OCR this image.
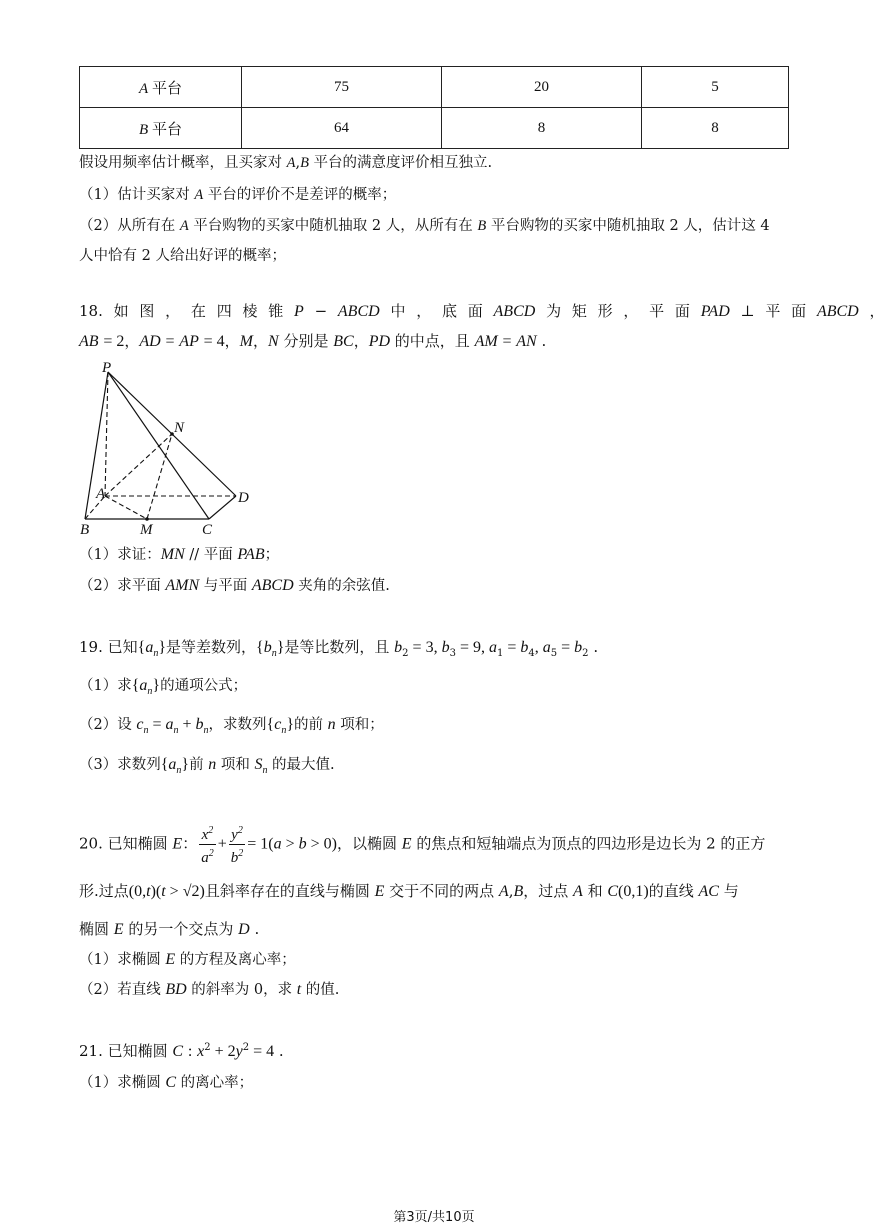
A 平台	75	20	5
B 平台	64	8	8
假设用频率估计概率，且买家对 A,B 平台的满意度评价相互独立.
（1）估计买家对 A 平台的评价不是差评的概率；
（2）从所有在 A 平台购物的买家中随机抽取 2 人，从所有在 B 平台购物的买家中随机抽取 2 人，估计这 4
人中恰有 2 人给出好评的概率；
18. 如 图 ， 在 四 棱 锥 P − ABCD 中 ， 底 面 ABCD 为 矩 形 ， 平 面 PAD ⊥ 平 面 ABCD ，
AB = 2，AD = AP = 4，M，N 分别是 BC，PD 的中点，且 AM = AN .
P
N
A	D
B	M	C
（1）求证：MN // 平面 PAB；
（2）求平面 AMN 与平面 ABCD 夹角的余弦值.
19. 已知$\{a_n\}$是等差数列，$\{b_n\}$是等比数列，且 $b_2 = 3$, $b_3 = 9$, $a_1 = b_4$, $a_5 = b_2$ .
（1）求$\{a_n\}$的通项公式；
（2）设 $c_n = a_n + b_n$，求数列$\{c_n\}$的前 n 项和；
（3）求数列$\{a_n\}$前 n 项和 $S_n$ 的最大值.
20. 已知椭圆 E： $\frac{x^2}{a^2} + \frac{y^2}{b^2} = 1(a > b > 0)$，以椭圆 E 的焦点和短轴端点为顶点的四边形是边长为 2 的正方
形.过点(0,t)(t > √2)且斜率存在的直线与椭圆 E 交于不同的两点 A,B，过点 A 和 C(0,1)的直线 AC 与
椭圆 E 的另一个交点为 D .
（1）求椭圆 E 的方程及离心率；
（2）若直线 BD 的斜率为 0，求 t 的值.
21. 已知椭圆 C : $x^2 + 2y^2 = 4$ .
（1）求椭圆 C 的离心率；
第3页/共10页
